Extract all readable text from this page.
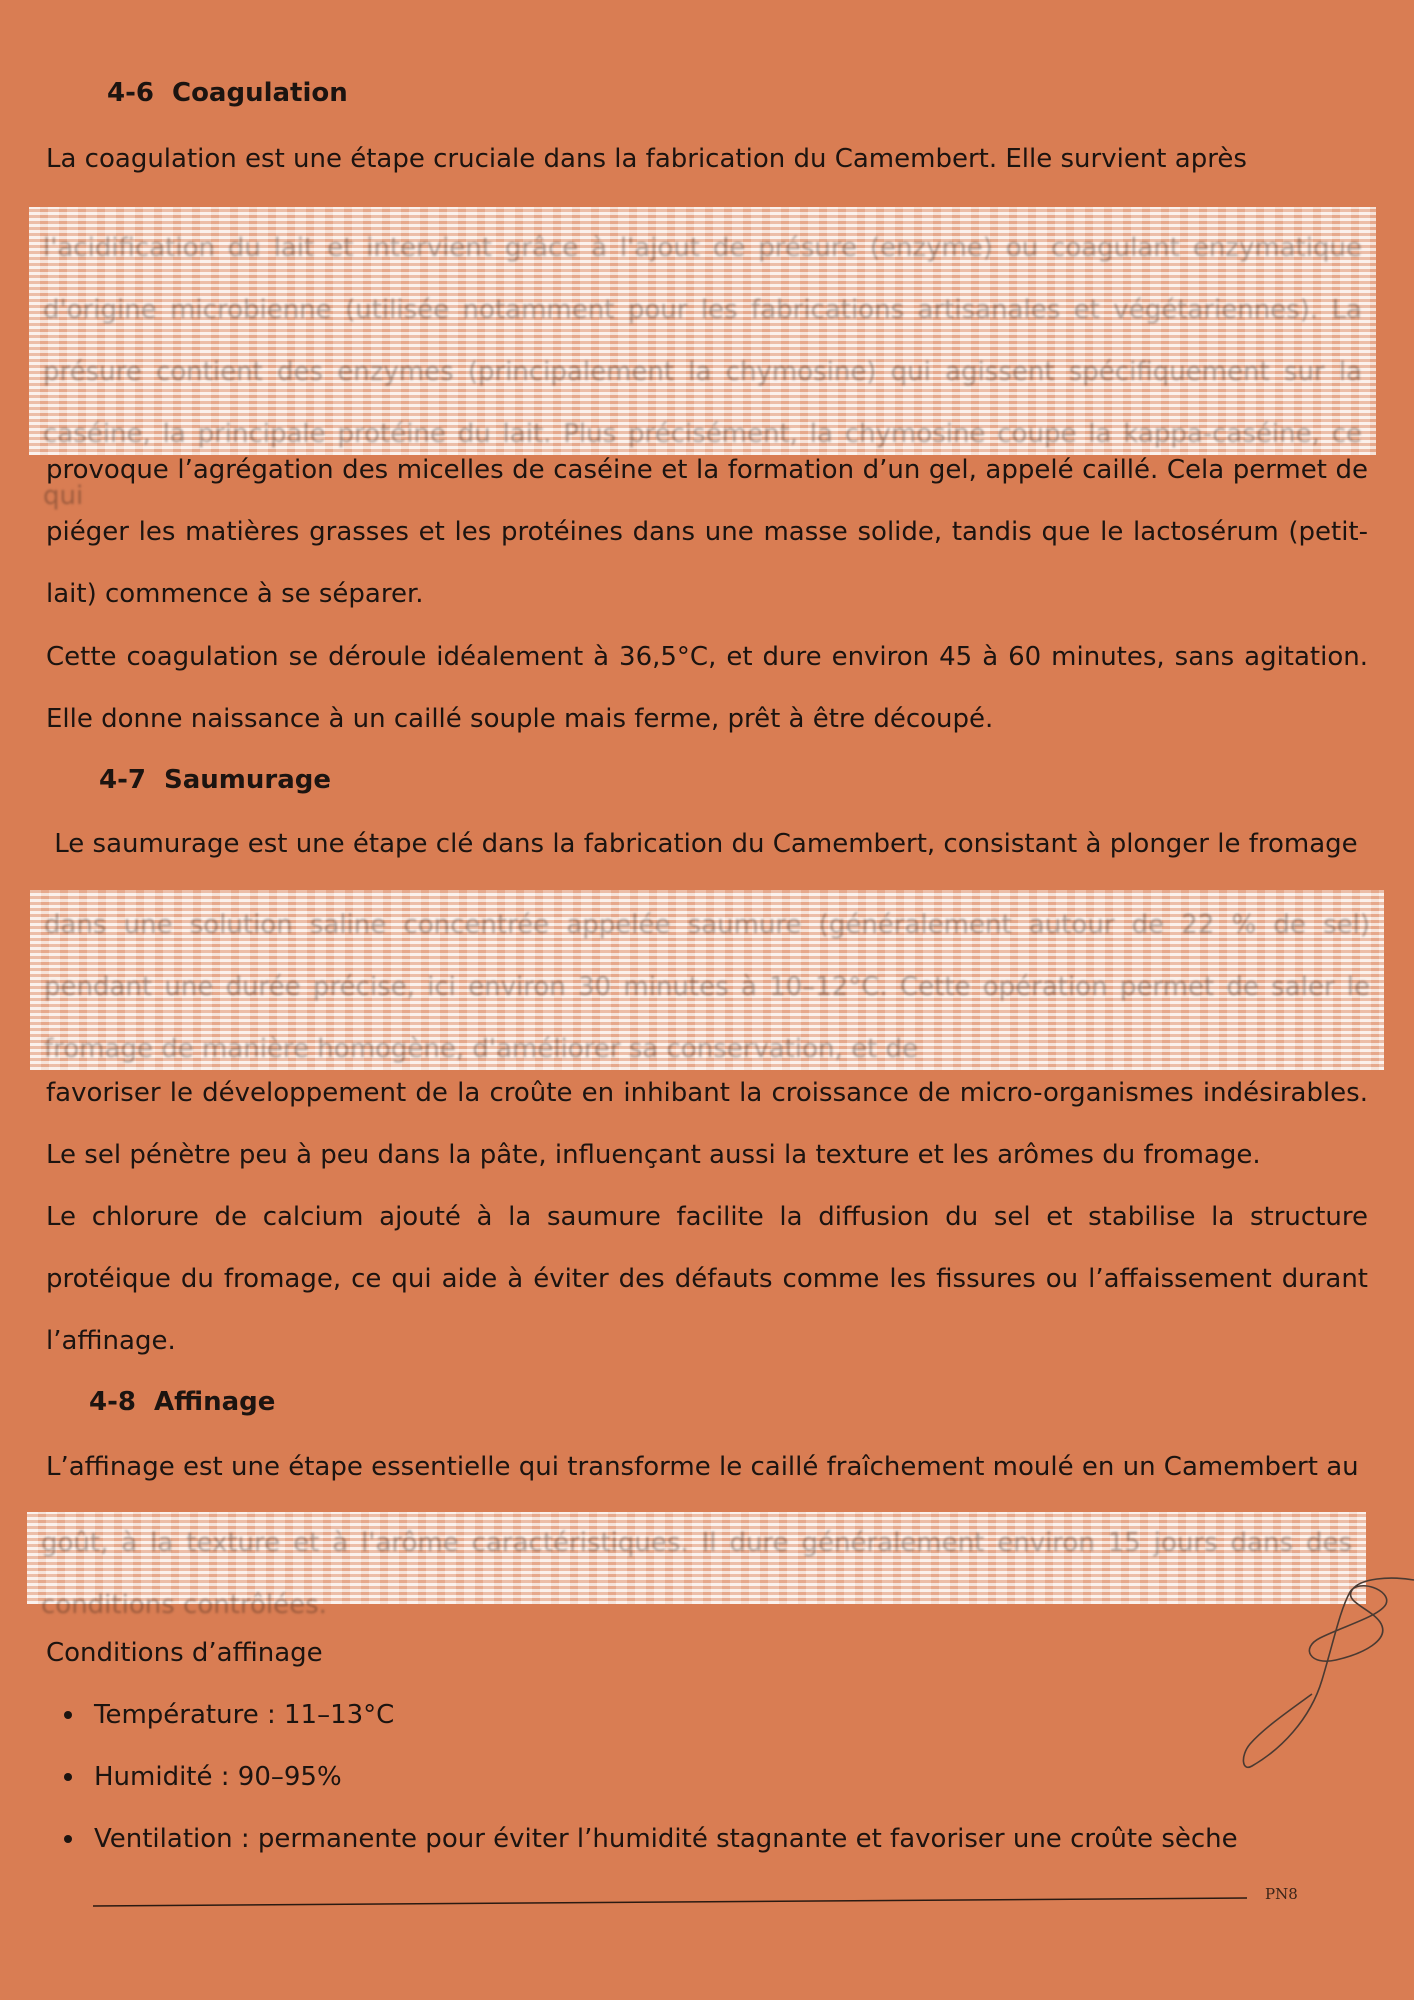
4-6 Coagulation

La coagulation est une étape cruciale dans la fabrication du Camembert. Elle survient après

l'acidification du lait et intervient grâce à l'ajout de présure (enzyme) ou coagulant enzymatique d'origine microbienne (utilisée notamment pour les fabrications artisanales et végétariennes). La présure contient des enzymes (principalement la chymosine) qui agissent spécifiquement sur la caséine, la principale protéine du lait. Plus précisément, la chymosine coupe la kappa-caséine, ce qui

provoque l’agrégation des micelles de caséine et la formation d’un gel, appelé caillé. Cela permet de piéger les matières grasses et les protéines dans une masse solide, tandis que le lactosérum (petit-lait) commence à se séparer.

Cette coagulation se déroule idéalement à 36,5°C, et dure environ 45 à 60 minutes, sans agitation. Elle donne naissance à un caillé souple mais ferme, prêt à être découpé.

4-7 Saumurage

Le saumurage est une étape clé dans la fabrication du Camembert, consistant à plonger le fromage

dans une solution saline concentrée appelée saumure (généralement autour de 22 % de sel) pendant une durée précise, ici environ 30 minutes à 10–12°C. Cette opération permet de saler le fromage de manière homogène, d'améliorer sa conservation, et de

favoriser le développement de la croûte en inhibant la croissance de micro-organismes indésirables. Le sel pénètre peu à peu dans la pâte, influençant aussi la texture et les arômes du fromage.

Le chlorure de calcium ajouté à la saumure facilite la diffusion du sel et stabilise la structure protéique du fromage, ce qui aide à éviter des défauts comme les fissures ou l’affaissement durant l’affinage.

4-8 Affinage

L’affinage est une étape essentielle qui transforme le caillé fraîchement moulé en un Camembert au

goût, à la texture et à l'arôme caractéristiques. Il dure généralement environ 15 jours dans des conditions contrôlées.

Conditions d’affinage

Température : 11–13°C
Humidité : 90–95%
Ventilation : permanente pour éviter l’humidité stagnante et favoriser une croûte sèche
PN8
